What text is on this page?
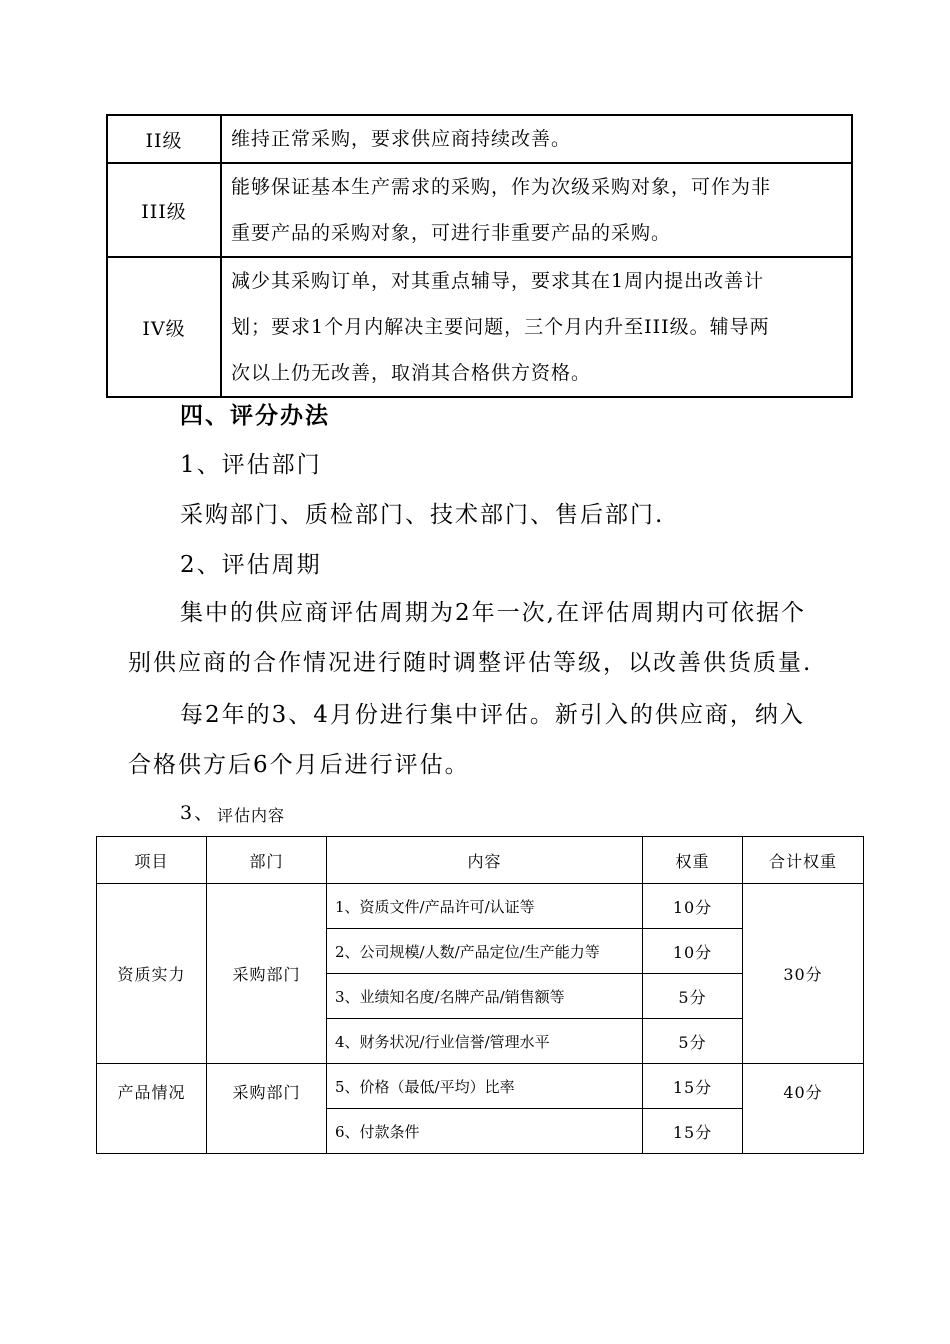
II级	维持正常采购，要求供应商持续改善。

III级	能够保证基本生产需求的采购，作为次级采购对象，可作为非
重要产品的采购对象，可进行非重要产品的采购。

IV级	减少其采购订单，对其重点辅导，要求其在1周内提出改善计
划；要求1个月内解决主要问题，三个月内升至III级。辅导两
次以上仍无改善，取消其合格供方资格。
四、评分办法
1、评估部门
采购部门、质检部门、技术部门、售后部门.
2、评估周期
集中的供应商评估周期为2年一次,在评估周期内可依据个
别供应商的合作情况进行随时调整评估等级，以改善供货质量.
每2年的3、4月份进行集中评估。新引入的供应商，纳入
合格供方后6个月后进行评估。
3、 评估内容
项目	部门	内容	权重	合计权重
资质实力	采购部门	1、资质文件/产品许可/认证等	10分	30分
		2、公司规模/人数/产品定位/生产能力等	10分	
		3、业绩知名度/名牌产品/销售额等	5分	
		4、财务状况/行业信誉/管理水平	5分	
产品情况	采购部门	5、价格（最低/平均）比率	15分	40分
		6、付款条件	15分	
